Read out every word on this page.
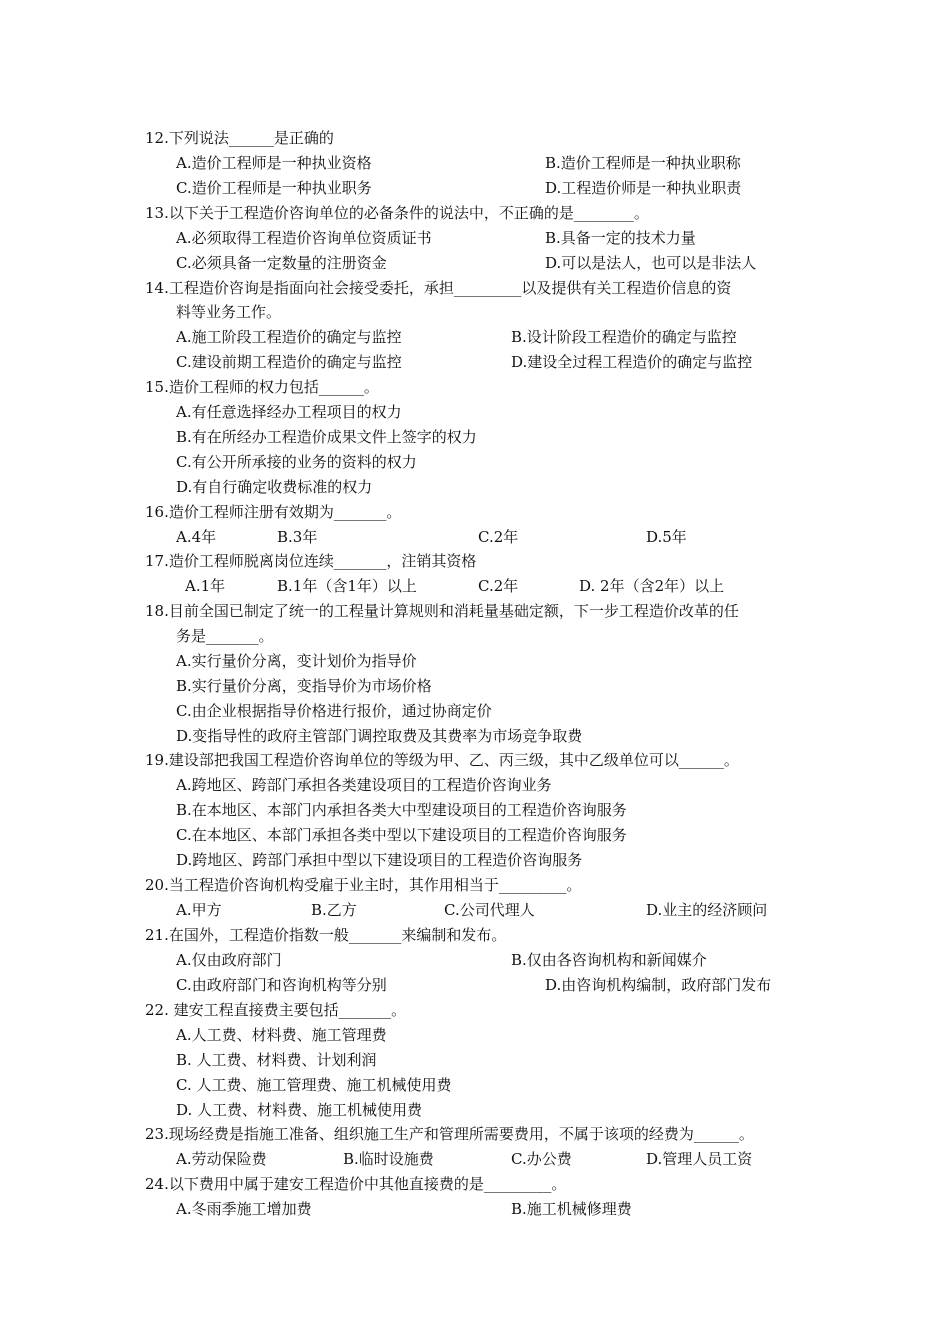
12.下列说法______是正确的
A.造价工程师是一种执业资格	B.造价工程师是一种执业职称
C.造价工程师是一种执业职务	D.工程造价师是一种执业职责
13.以下关于工程造价咨询单位的必备条件的说法中，不正确的是________。
A.必须取得工程造价咨询单位资质证书	B.具备一定的技术力量
C.必须具备一定数量的注册资金	D.可以是法人，也可以是非法人
14.工程造价咨询是指面向社会接受委托，承担_________以及提供有关工程造价信息的资
料等业务工作。
A.施工阶段工程造价的确定与监控	B.设计阶段工程造价的确定与监控
C.建设前期工程造价的确定与监控	D.建设全过程工程造价的确定与监控
15.造价工程师的权力包括______。
A.有任意选择经办工程项目的权力
B.有在所经办工程造价成果文件上签字的权力
C.有公开所承接的业务的资料的权力
D.有自行确定收费标准的权力
16.造价工程师注册有效期为_______。
A.4年	B.3年	C.2年	D.5年
17.造价工程师脱离岗位连续_______，注销其资格
A.1年	B.1年（含1年）以上	C.2年	D. 2年（含2年）以上
18.目前全国已制定了统一的工程量计算规则和消耗量基础定额，下一步工程造价改革的任
务是_______。
A.实行量价分离，变计划价为指导价
B.实行量价分离，变指导价为市场价格
C.由企业根据指导价格进行报价，通过协商定价
D.变指导性的政府主管部门调控取费及其费率为市场竞争取费
19.建设部把我国工程造价咨询单位的等级为甲、乙、丙三级，其中乙级单位可以______。
A.跨地区、跨部门承担各类建设项目的工程造价咨询业务
B.在本地区、本部门内承担各类大中型建设项目的工程造价咨询服务
C.在本地区、本部门承担各类中型以下建设项目的工程造价咨询服务
D.跨地区、跨部门承担中型以下建设项目的工程造价咨询服务
20.当工程造价咨询机构受雇于业主时，其作用相当于_________。
A.甲方	B.乙方	C.公司代理人	D.业主的经济顾问
21.在国外，工程造价指数一般_______来编制和发布。
A.仅由政府部门	B.仅由各咨询机构和新闻媒介
C.由政府部门和咨询机构等分别	D.由咨询机构编制，政府部门发布
22. 建安工程直接费主要包括_______。
A.人工费、材料费、施工管理费
B. 人工费、材料费、计划利润
C. 人工费、施工管理费、施工机械使用费
D. 人工费、材料费、施工机械使用费
23.现场经费是指施工准备、组织施工生产和管理所需要费用，不属于该项的经费为______。
A.劳动保险费	B.临时设施费	C.办公费	D.管理人员工资
24.以下费用中属于建安工程造价中其他直接费的是_________。
A.冬雨季施工增加费	B.施工机械修理费
